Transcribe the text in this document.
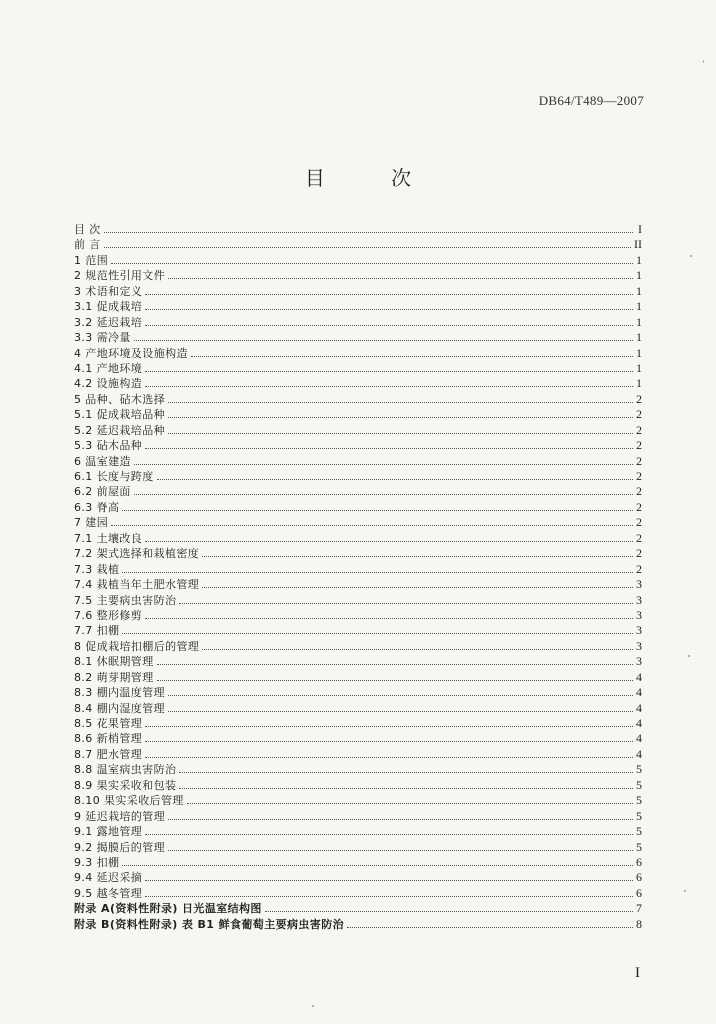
DB64/T489—2007
目 次
目 次	I
前 言	II
1 范围	1
2 规范性引用文件	1
3 术语和定义	1
3.1 促成栽培	1
3.2 延迟栽培	1
3.3 需冷量	1
4 产地环境及设施构造	1
4.1 产地环境	1
4.2 设施构造	1
5 品种、砧木选择	2
5.1 促成栽培品种	2
5.2 延迟栽培品种	2
5.3 砧木品种	2
6 温室建造	2
6.1 长度与跨度	2
6.2 前屋面	2
6.3 脊高	2
7 建园	2
7.1 土壤改良	2
7.2 架式选择和栽植密度	2
7.3 栽植	2
7.4 栽植当年土肥水管理	3
7.5 主要病虫害防治	3
7.6 整形修剪	3
7.7 扣棚	3
8 促成栽培扣棚后的管理	3
8.1 休眠期管理	3
8.2 萌芽期管理	4
8.3 棚内温度管理	4
8.4 棚内湿度管理	4
8.5 花果管理	4
8.6 新梢管理	4
8.7 肥水管理	4
8.8 温室病虫害防治	5
8.9 果实采收和包装	5
8.10 果实采收后管理	5
9 延迟栽培的管理	5
9.1 露地管理	5
9.2 揭膜后的管理	5
9.3 扣棚	6
9.4 延迟采摘	6
9.5 越冬管理	6
附录 A(资料性附录) 日光温室结构图	7
附录 B(资料性附录) 表 B1 鲜食葡萄主要病虫害防治	8
I
